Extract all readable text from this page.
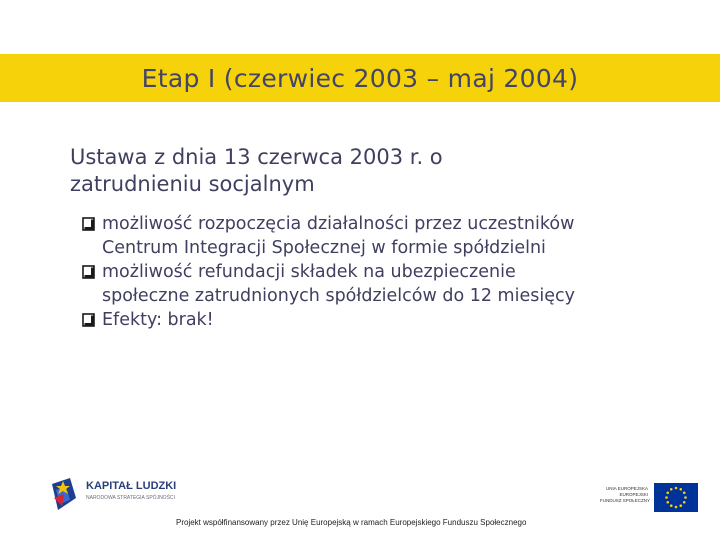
Etap I (czerwiec 2003 – maj 2004)
Ustawa z dnia 13 czerwca 2003 r. o
zatrudnieniu socjalnym
możliwość rozpoczęcia działalności przez uczestników
Centrum Integracji Społecznej w formie spółdzielni
możliwość refundacji składek na ubezpieczenie
społeczne zatrudnionych spółdzielców do 12 miesięcy
Efekty: brak!
KAPITAŁ LUDZKI
NARODOWA STRATEGIA SPÓJNOŚCI
UNIA EUROPEJSKA
EUROPEJSKI
FUNDUSZ SPOŁECZNY
Projekt współfinansowany przez Unię Europejską w ramach Europejskiego Funduszu Społecznego
